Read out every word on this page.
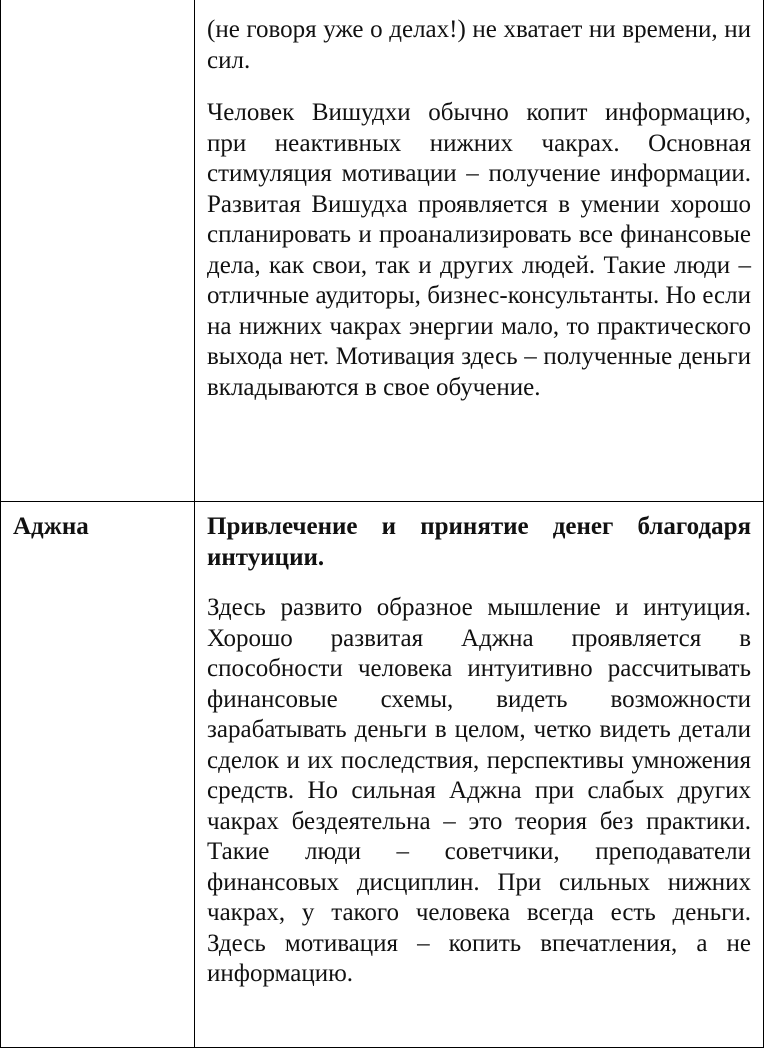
	(не говоря уже о делах!) не хватает ни времени, ни сил.

Человек Вишудхи обычно копит информацию, при неактивных нижних чакрах. Основная стимуляция мотивации – получение информации. Развитая Вишудха проявляется в умении хорошо спланировать и проанализировать все финансовые дела, как свои, так и других людей. Такие люди – отличные аудиторы, бизнес-консультанты. Но если на нижних чакрах энергии мало, то практического выхода нет. Мотивация здесь – полученные деньги вкладываются в свое обучение.

Аджна	Привлечение и принятие денег благодаря интуиции.

Здесь развито образное мышление и интуиция. Хорошо развитая Аджна проявляется в способности человека интуитивно рассчитывать финансовые схемы, видеть возможности зарабатывать деньги в целом, четко видеть детали сделок и их последствия, перспективы умножения средств. Но сильная Аджна при слабых других чакрах бездеятельна – это теория без практики. Такие люди – советчики, преподаватели финансовых дисциплин. При сильных нижних чакрах, у такого человека всегда есть деньги. Здесь мотивация – копить впечатления, а не информацию.
